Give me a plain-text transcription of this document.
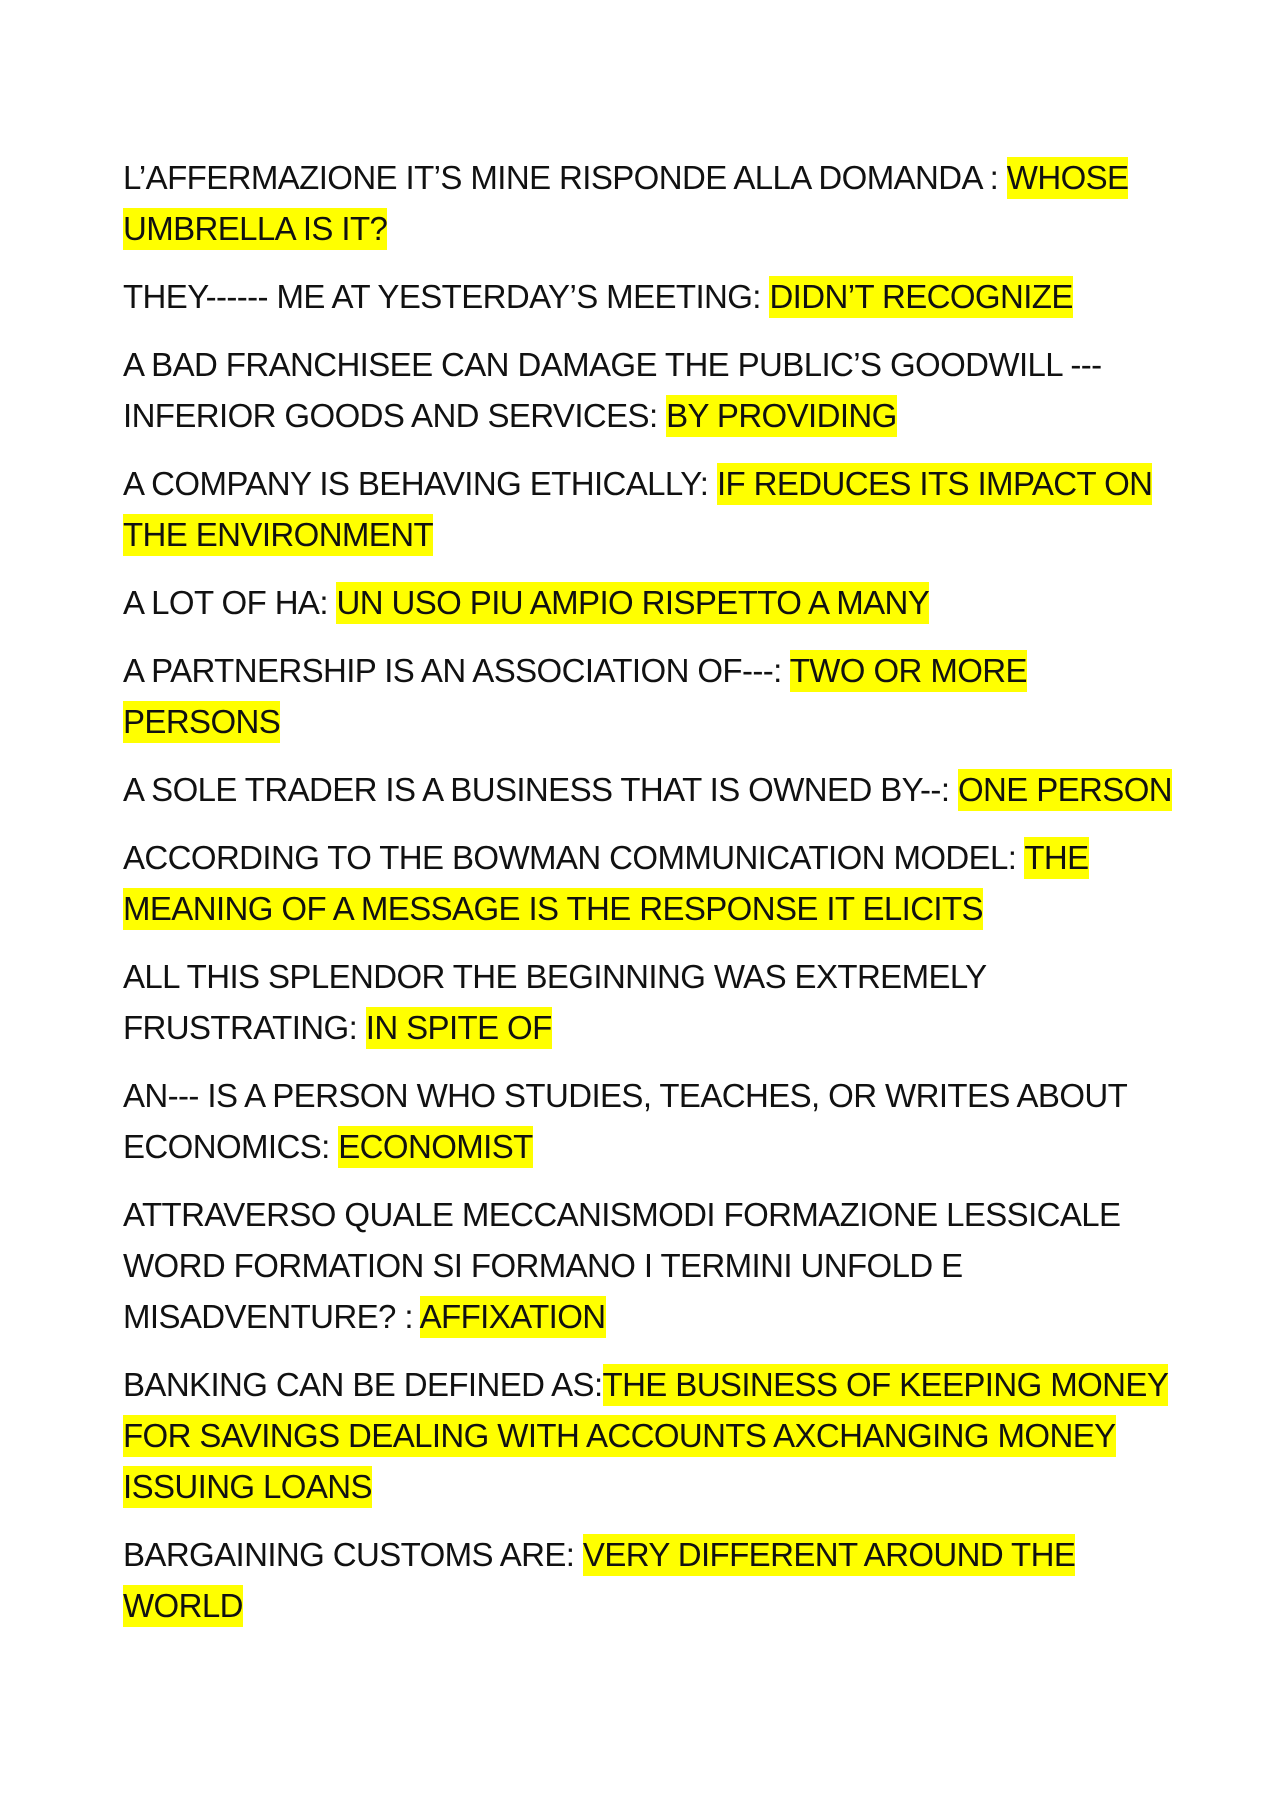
L’AFFERMAZIONE IT’S MINE RISPONDE ALLA DOMANDA : WHOSE UMBRELLA IS IT?

THEY------ ME AT YESTERDAY’S MEETING: DIDN’T RECOGNIZE

A BAD FRANCHISEE CAN DAMAGE THE PUBLIC’S GOODWILL --- INFERIOR GOODS AND SERVICES: BY PROVIDING

A COMPANY IS BEHAVING ETHICALLY: IF REDUCES ITS IMPACT ON THE ENVIRONMENT

A LOT OF HA: UN USO PIU AMPIO RISPETTO A MANY

A PARTNERSHIP IS AN ASSOCIATION OF---: TWO OR MORE PERSONS

A SOLE TRADER IS A BUSINESS THAT IS OWNED BY--: ONE PERSON

ACCORDING TO THE BOWMAN COMMUNICATION MODEL: THE MEANING OF A MESSAGE IS THE RESPONSE IT ELICITS

ALL THIS SPLENDOR THE BEGINNING WAS EXTREMELY FRUSTRATING: IN SPITE OF

AN--- IS A PERSON WHO STUDIES, TEACHES, OR WRITES ABOUT ECONOMICS: ECONOMIST

ATTRAVERSO QUALE MECCANISMODI FORMAZIONE LESSICALE WORD FORMATION SI FORMANO I TERMINI UNFOLD E MISADVENTURE? : AFFIXATION

BANKING CAN BE DEFINED AS:THE BUSINESS OF KEEPING MONEY FOR SAVINGS DEALING WITH ACCOUNTS AXCHANGING MONEY ISSUING LOANS

BARGAINING CUSTOMS ARE: VERY DIFFERENT AROUND THE WORLD
